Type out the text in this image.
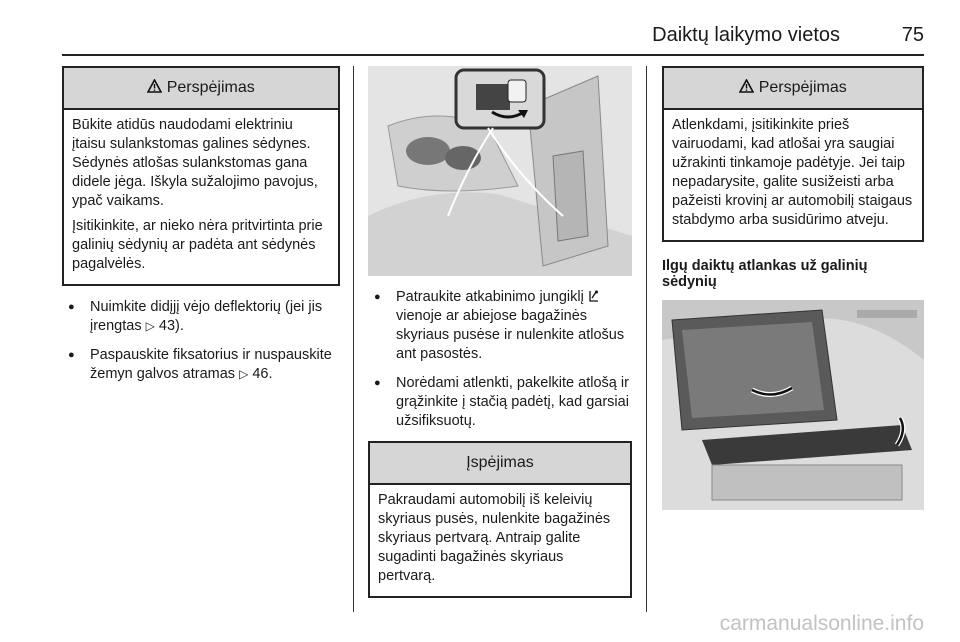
Daiktų laikymo vietos	75
Perspėjimas

Būkite atidūs naudodami elektriniu įtaisu sulankstomas galines sėdynes. Sėdynės atlošas sulankstomas gana didele jėga. Iškyla sužalojimo pavojus, ypač vaikams.

Įsitikinkite, ar nieko nėra pritvirtinta prie galinių sėdynių ar padėta ant sėdynės pagalvėlės.

● Nuimkite didįjį vėjo deflektorių (jei jis įrengtas ▷ 43).
● Paspauskite fiksatorius ir nuspauskite žemyn galvos atramas ▷ 46.
● Patraukite atkabinimo jungiklį  vienoje ar abiejose bagažinės skyriaus pusėse ir nulenkite atlošus ant pasostės.
● Norėdami atlenkti, pakelkite atlošą ir grąžinkite į stačią padėtį, kad garsiai užsifiksuotų.
Įspėjimas

Pakraudami automobilį iš keleivių skyriaus pusės, nulenkite bagažinės skyriaus pertvarą. Antraip galite sugadinti bagažinės skyriaus pertvarą.

Perspėjimas

Atlenkdami, įsitikinkite prieš vairuodami, kad atlošai yra saugiai užrakinti tinkamoje padėtyje. Jei taip nepadarysite, galite susižeisti arba pažeisti krovinį ar automobilį staigaus stabdymo arba susidūrimo atveju.

Ilgų daiktų atlankas už galinių sėdynių
carmanualsonline.info
